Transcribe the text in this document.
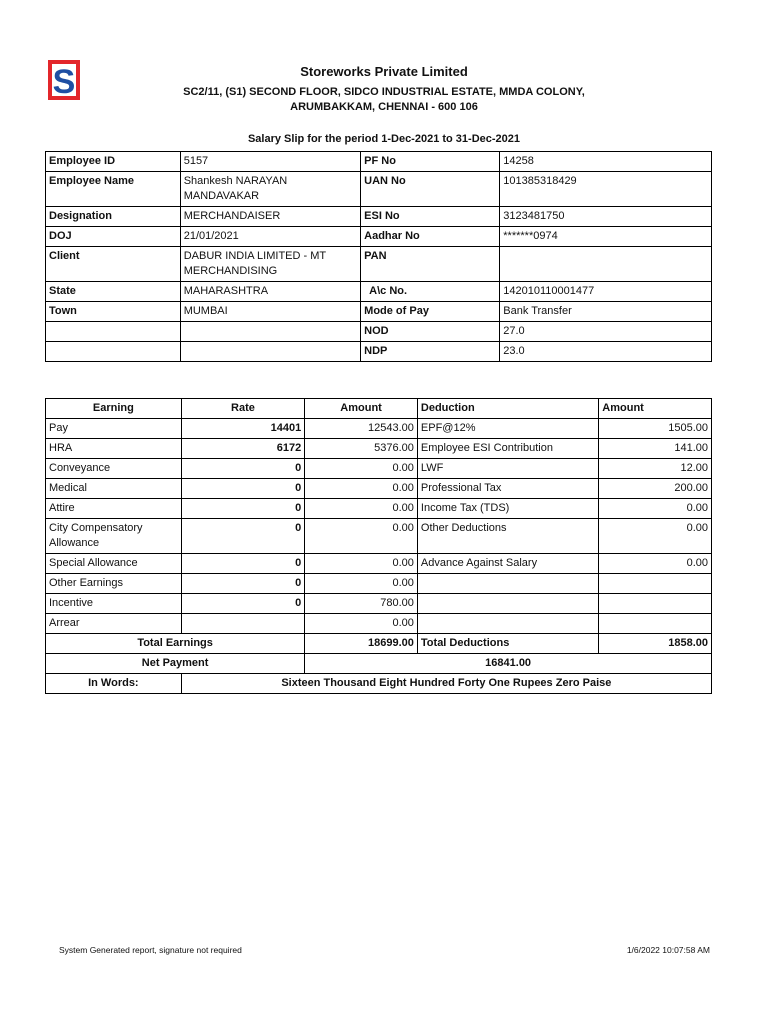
S	Storeworks Private Limited
SC2/11, (S1) SECOND FLOOR, SIDCO INDUSTRIAL ESTATE, MMDA COLONY,
ARUMBAKKAM, CHENNAI - 600 106
Salary Slip for the period 1-Dec-2021 to 31-Dec-2021
Employee ID	5157	PF No	14258
Employee Name	Shankesh NARAYAN MANDAVAKAR	UAN No	101385318429
Designation	MERCHANDAISER	ESI No	3123481750
DOJ	21/01/2021	Aadhar No	*******0974
Client	DABUR INDIA LIMITED - MT MERCHANDISING	PAN	
State	MAHARASHTRA	A\c No.	142010110001477
Town	MUMBAI	Mode of Pay	Bank Transfer
		NOD	27.0
		NDP	23.0
Earning	Rate	Amount	Deduction	Amount
Pay	14401	12543.00	EPF@12%	1505.00
HRA	6172	5376.00	Employee ESI Contribution	141.00
Conveyance	0	0.00	LWF	12.00
Medical	0	0.00	Professional Tax	200.00
Attire	0	0.00	Income Tax (TDS)	0.00
City Compensatory Allowance	0	0.00	Other Deductions	0.00
Special Allowance	0	0.00	Advance Against Salary	0.00
Other Earnings	0	0.00		
Incentive	0	780.00		
Arrear		0.00		
Total Earnings		18699.00	Total Deductions	1858.00
Net Payment		16841.00		
In Words:	Sixteen Thousand Eight Hundred Forty One Rupees Zero Paise			
System Generated report, signature not required	1/6/2022 10:07:58 AM
